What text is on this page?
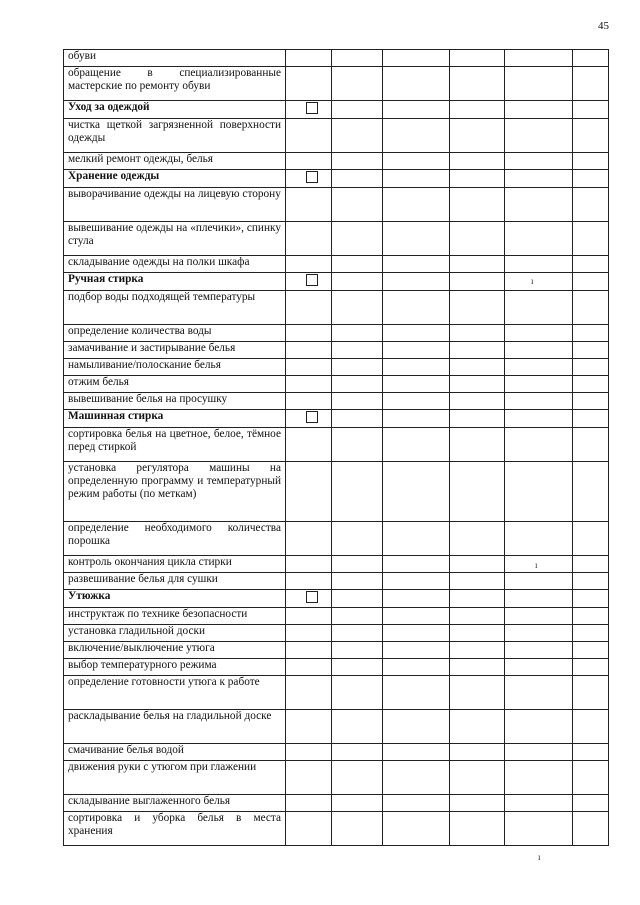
45
обуви						
обращение в специализированные мастерские по ремонту обуви						
Уход за одеждой						
чистка щеткой загрязненной поверхности одежды						
мелкий ремонт одежды, белья						
Хранение одежды						
выворачивание одежды на лицевую сторону						
вывешивание одежды на «плечики», спинку стула						
складывание одежды на полки шкафа						
Ручная стирка						
подбор воды подходящей температуры						
определение количества воды						
замачивание и застирывание белья						
намыливание/полоскание белья						
отжим белья						
вывешивание белья на просушку						
Машинная стирка						
сортировка белья на цветное, белое, тёмное перед стиркой						
установка регулятора машины на определенную программу и температурный режим работы (по меткам)						
определение необходимого количества порошка						
контроль окончания цикла стирки						
развешивание белья для сушки						
Утюжка						
инструктаж по технике безопасности						
установка гладильной доски						
включение/выключение утюга						
выбор температурного режима						
определение готовности утюга к работе						
раскладывание белья на гладильной доске						
смачивание белья водой						
движения руки с утюгом при глажении						
складывание выглаженного белья						
сортировка и уборка белья в места хранения						
ı
ı
ı
